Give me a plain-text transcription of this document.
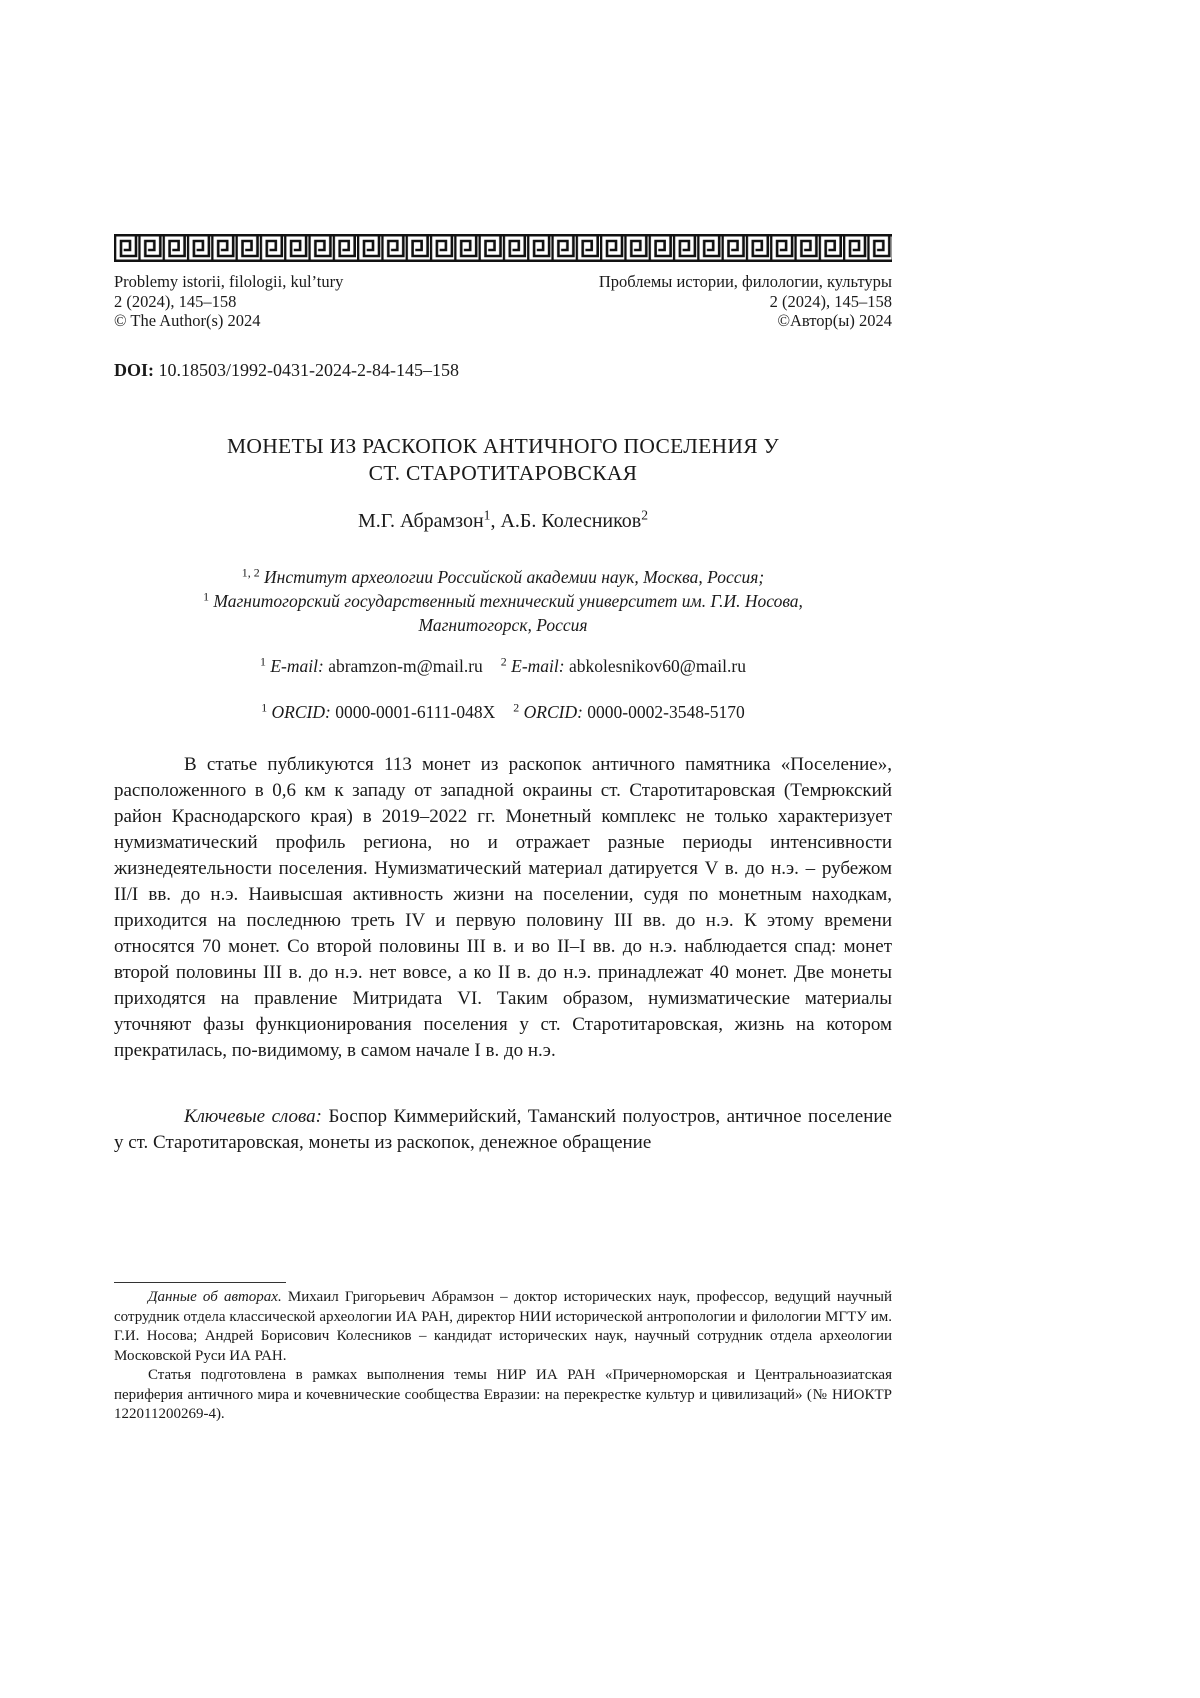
Problemy istorii, filologii, kul’tury
2 (2024), 145–158
© The Author(s) 2024
Проблемы истории, филологии, культуры
2 (2024), 145–158
©Автор(ы) 2024
DOI: 10.18503/1992-0431-2024-2-84-145–158
МОНЕТЫ ИЗ РАСКОПОК АНТИЧНОГО ПОСЕЛЕНИЯ У
СТ. СТАРОТИТАРОВСКАЯ
М.Г. Абрамзон$^1$, А.Б. Колесников$^2$
$^{1, 2}$ Институт археологии Российской академии наук, Москва, Россия;
$^1$ Магнитогорский государственный технический университет им. Г.И. Носова,
Магнитогорск, Россия
$^1$ E-mail: abramzon-m@mail.ru $^2$ E-mail: abkolesnikov60@mail.ru
$^1$ ORCID: 0000-0001-6111-048X $^2$ ORCID: 0000-0002-3548-5170

В статье публикуются 113 монет из раскопок античного памятника «Поселение», расположенного в 0,6 км к западу от западной окраины ст. Старотитаровская (Темрюкский район Краснодарского края) в 2019–2022 гг. Монетный комплекс не только характеризует нумизматический профиль региона, но и отражает разные периоды интенсивности жизнедеятельности поселения. Нумизматический материал датируется V в. до н.э. – рубежом II/I вв. до н.э. Наивысшая активность жизни на поселении, судя по монетным находкам, приходится на последнюю треть IV и первую половину III вв. до н.э. К этому времени относятся 70 монет. Со второй половины III в. и во II–I вв. до н.э. наблюдается спад: монет второй половины III в. до н.э. нет вовсе, а ко II в. до н.э. принадлежат 40 монет. Две монеты приходятся на правление Митридата VI. Таким образом, нумизматические материалы уточняют фазы функционирования поселения у ст. Старотитаровская, жизнь на котором прекратилась, по-видимому, в самом начале I в. до н.э.

Ключевые слова: Боспор Киммерийский, Таманский полуостров, античное поселение у ст. Старотитаровская, монеты из раскопок, денежное обращение

Данные об авторах. Михаил Григорьевич Абрамзон – доктор исторических наук, профессор, ведущий научный сотрудник отдела классической археологии ИА РАН, директор НИИ исторической антропологии и филологии МГТУ им. Г.И. Носова; Андрей Борисович Колесников – кандидат исторических наук, научный сотрудник отдела археологии Московской Руси ИА РАН.

Статья подготовлена в рамках выполнения темы НИР ИА РАН «Причерноморская и Центральноазиатская периферия античного мира и кочевнические сообщества Евразии: на перекрестке культур и цивилизаций» (№ НИОКТР 122011200269-4).
